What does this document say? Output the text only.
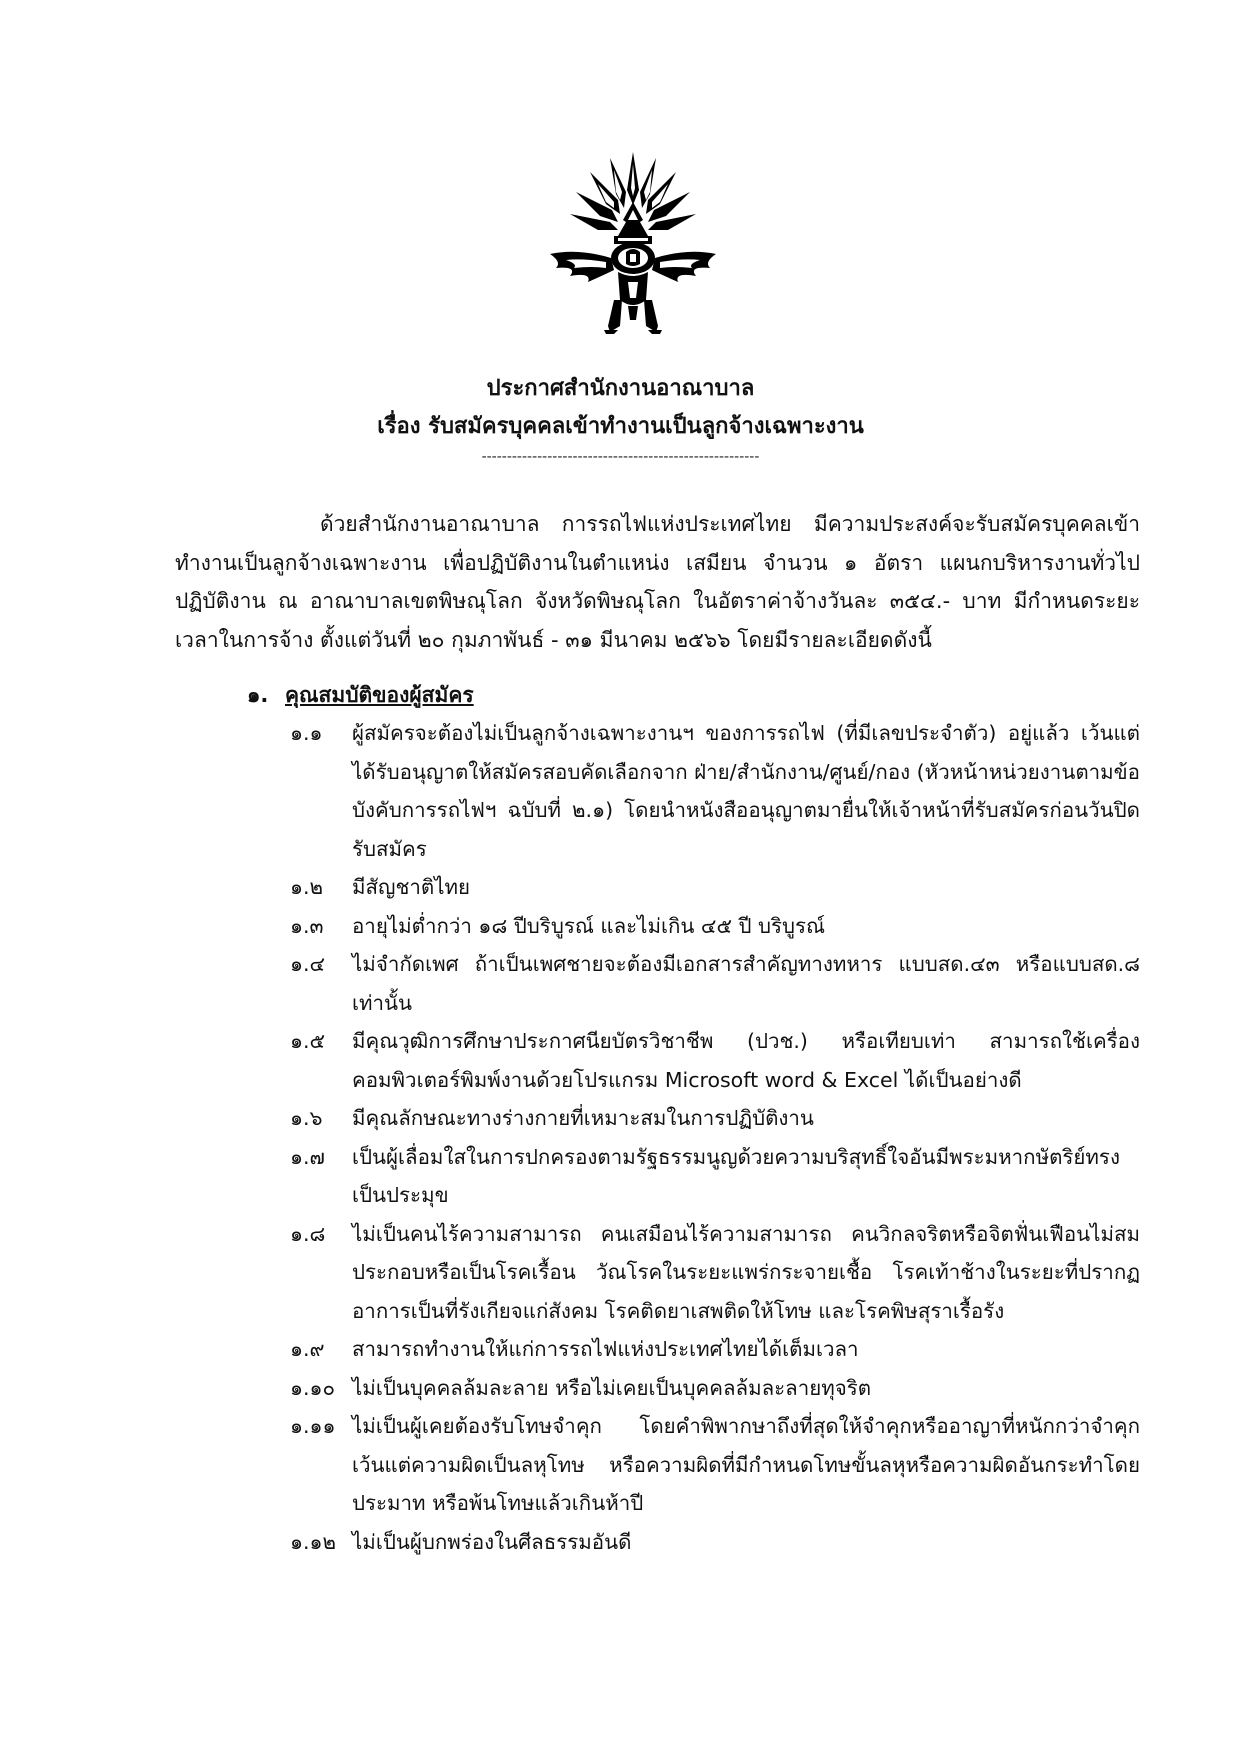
ประกาศสำนักงานอาณาบาล
เรื่อง รับสมัครบุคคลเข้าทำงานเป็นลูกจ้างเฉพาะงาน
-------------------------------------------------------

ด้วยสำนักงานอาณาบาล การรถไฟแห่งประเทศไทย มีความประสงค์จะรับสมัครบุคคลเข้าทำงานเป็นลูกจ้างเฉพาะงาน เพื่อปฏิบัติงานในตำแหน่ง เสมียน จำนวน ๑ อัตรา แผนกบริหารงานทั่วไป ปฏิบัติงาน ณ อาณาบาลเขตพิษณุโลก จังหวัดพิษณุโลก ในอัตราค่าจ้างวันละ ๓๕๔.- บาท มีกำหนดระยะเวลาในการจ้าง ตั้งแต่วันที่ ๒๐ กุมภาพันธ์ - ๓๑ มีนาคม ๒๕๖๖ โดยมีรายละเอียดดังนี้

๑. คุณสมบัติของผู้สมัคร
๑.๑	ผู้สมัครจะต้องไม่เป็นลูกจ้างเฉพาะงานฯ ของการรถไฟ (ที่มีเลขประจำตัว) อยู่แล้ว เว้นแต่ได้รับอนุญาตให้สมัครสอบคัดเลือกจาก ฝ่าย/สำนักงาน/ศูนย์/กอง (หัวหน้าหน่วยงานตามข้อบังคับการรถไฟฯ ฉบับที่ ๒.๑) โดยนำหนังสืออนุญาตมายื่นให้เจ้าหน้าที่รับสมัครก่อนวันปิดรับสมัคร
๑.๒	มีสัญชาติไทย
๑.๓	อายุไม่ต่ำกว่า ๑๘ ปีบริบูรณ์ และไม่เกิน ๔๕ ปี บริบูรณ์
๑.๔	ไม่จำกัดเพศ ถ้าเป็นเพศชายจะต้องมีเอกสารสำคัญทางทหาร แบบสด.๔๓ หรือแบบสด.๘ เท่านั้น
๑.๕	มีคุณวุฒิการศึกษาประกาศนียบัตรวิชาชีพ (ปวช.) หรือเทียบเท่า สามารถใช้เครื่องคอมพิวเตอร์พิมพ์งานด้วยโปรแกรม Microsoft word & Excel ได้เป็นอย่างดี
๑.๖	มีคุณลักษณะทางร่างกายที่เหมาะสมในการปฏิบัติงาน
๑.๗	เป็นผู้เลื่อมใสในการปกครองตามรัฐธรรมนูญด้วยความบริสุทธิ์ใจอันมีพระมหากษัตริย์ทรงเป็นประมุข
๑.๘	ไม่เป็นคนไร้ความสามารถ คนเสมือนไร้ความสามารถ คนวิกลจริตหรือจิตฟั่นเฟือนไม่สมประกอบหรือเป็นโรคเรื้อน วัณโรคในระยะแพร่กระจายเชื้อ โรคเท้าช้างในระยะที่ปรากฏอาการเป็นที่รังเกียจแก่สังคม โรคติดยาเสพติดให้โทษ และโรคพิษสุราเรื้อรัง
๑.๙	สามารถทำงานให้แก่การรถไฟแห่งประเทศไทยได้เต็มเวลา
๑.๑๐ ไม่เป็นบุคคลล้มละลาย หรือไม่เคยเป็นบุคคลล้มละลายทุจริต
๑.๑๑ ไม่เป็นผู้เคยต้องรับโทษจำคุก โดยคำพิพากษาถึงที่สุดให้จำคุกหรืออาญาที่หนักกว่าจำคุก เว้นแต่ความผิดเป็นลหุโทษ หรือความผิดที่มีกำหนดโทษขั้นลหุหรือความผิดอันกระทำโดยประมาท หรือพ้นโทษแล้วเกินห้าปี
๑.๑๒ ไม่เป็นผู้บกพร่องในศีลธรรมอันดี
